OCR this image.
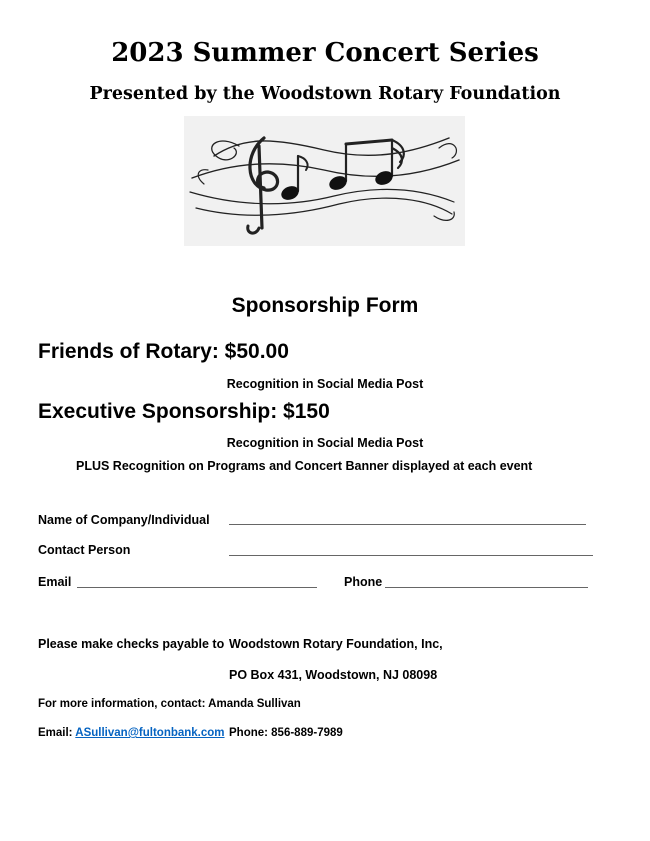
2023 Summer Concert Series
Presented by the Woodstown Rotary Foundation
Sponsorship Form
Friends of Rotary: $50.00
Recognition in Social Media Post
Executive Sponsorship: $150
Recognition in Social Media Post
PLUS Recognition on Programs and Concert Banner displayed at each event
Name of Company/Individual
Contact Person
Email	Phone
Please make checks payable to Woodstown Rotary Foundation, Inc,
PO Box 431, Woodstown, NJ 08098
For more information, contact: Amanda Sullivan
Email: ASullivan@fultonbank.com Phone: 856-889-7989
